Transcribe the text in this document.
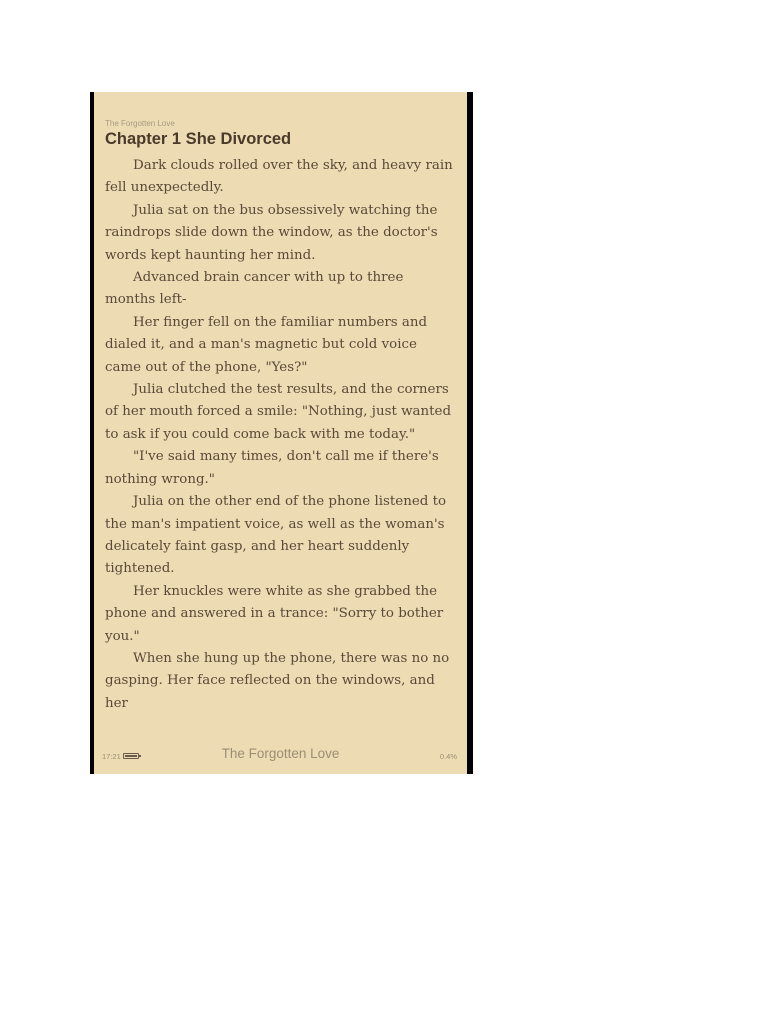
The Forgotten Love
Chapter 1 She Divorced

Dark clouds rolled over the sky, and heavy rain fell unexpectedly.

Julia sat on the bus obsessively watching the raindrops slide down the window, as the doctor's words kept haunting her mind.

Advanced brain cancer with up to three months left-

Her finger fell on the familiar numbers and dialed it, and a man's magnetic but cold voice came out of the phone, "Yes?"

Julia clutched the test results, and the corners of her mouth forced a smile: "Nothing, just wanted to ask if you could come back with me today."

"I've said many times, don't call me if there's nothing wrong."

Julia on the other end of the phone listened to the man's impatient voice, as well as the woman's delicately faint gasp, and her heart suddenly tightened.

Her knuckles were white as she grabbed the phone and answered in a trance: "Sorry to bother you."

When she hung up the phone, there was no no gasping. Her face reflected on the windows, and her

17:21	The Forgotten Love	0.4%
